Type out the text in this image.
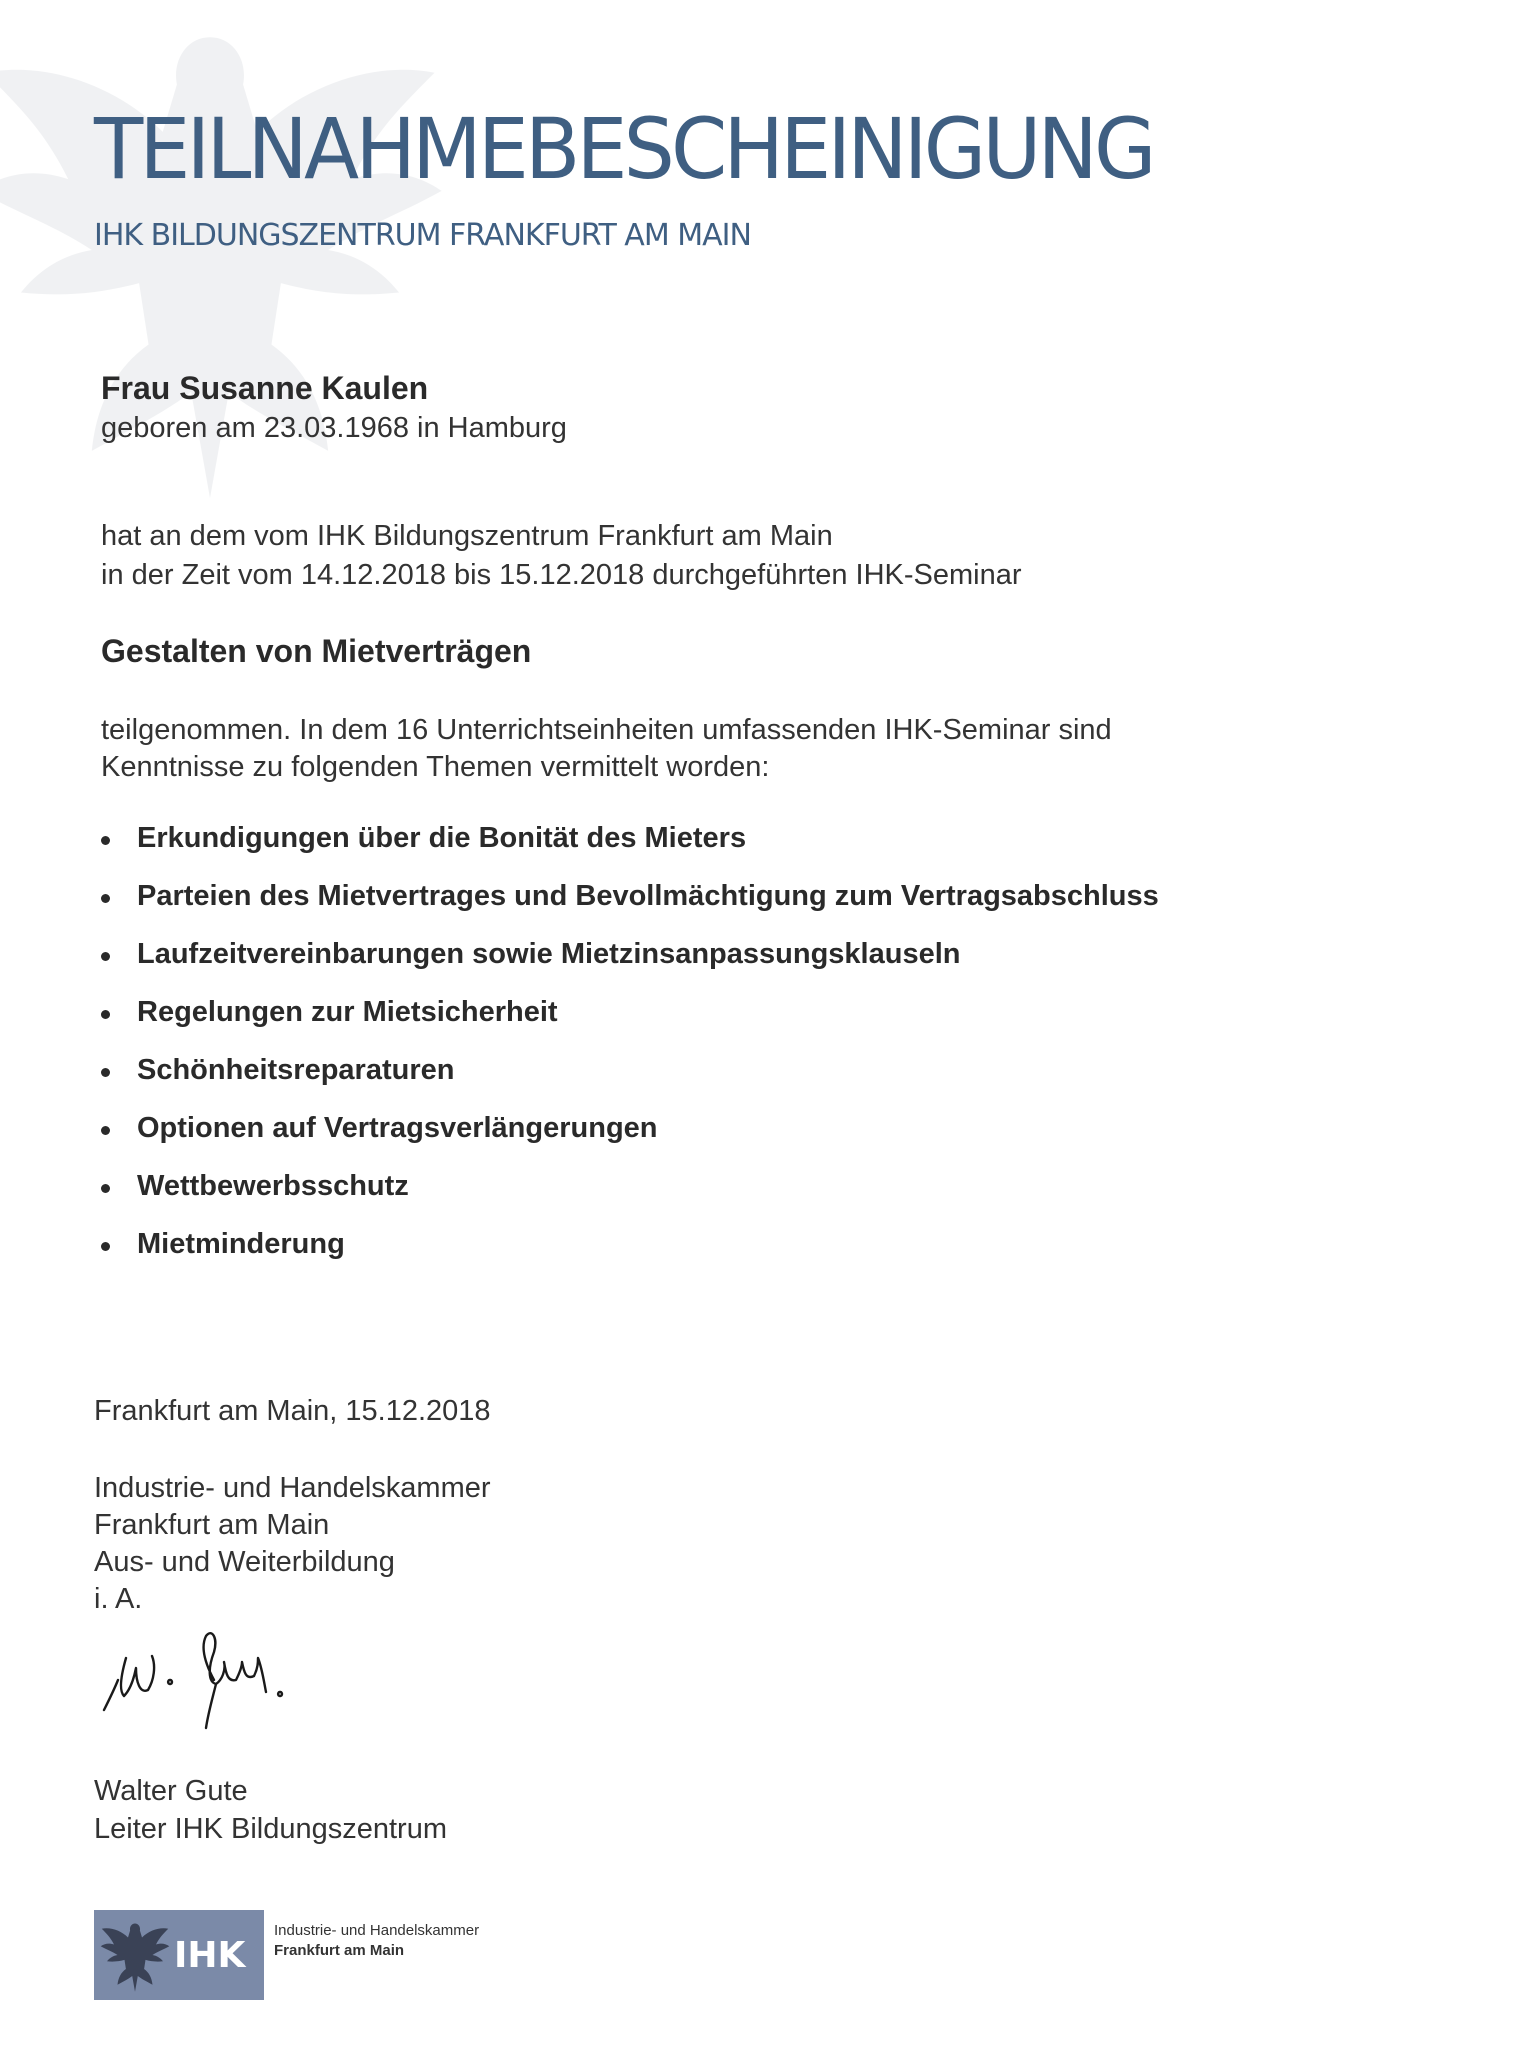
TEILNAHMEBESCHEINIGUNG
IHK BILDUNGSZENTRUM FRANKFURT AM MAIN
Frau Susanne Kaulen
geboren am 23.03.1968 in Hamburg
hat an dem vom IHK Bildungszentrum Frankfurt am Main
in der Zeit vom 14.12.2018 bis 15.12.2018 durchgeführten IHK-Seminar
Gestalten von Mietverträgen
teilgenommen. In dem 16 Unterrichtseinheiten umfassenden IHK-Seminar sind
Kenntnisse zu folgenden Themen vermittelt worden:
Erkundigungen über die Bonität des Mieters
Parteien des Mietvertrages und Bevollmächtigung zum Vertragsabschluss
Laufzeitvereinbarungen sowie Mietzinsanpassungsklauseln
Regelungen zur Mietsicherheit
Schönheitsreparaturen
Optionen auf Vertragsverlängerungen
Wettbewerbsschutz
Mietminderung
Frankfurt am Main, 15.12.2018
Industrie- und Handelskammer
Frankfurt am Main
Aus- und Weiterbildung
i. A.
Walter Gute
Leiter IHK Bildungszentrum
IHK
Industrie- und Handelskammer
Frankfurt am Main
